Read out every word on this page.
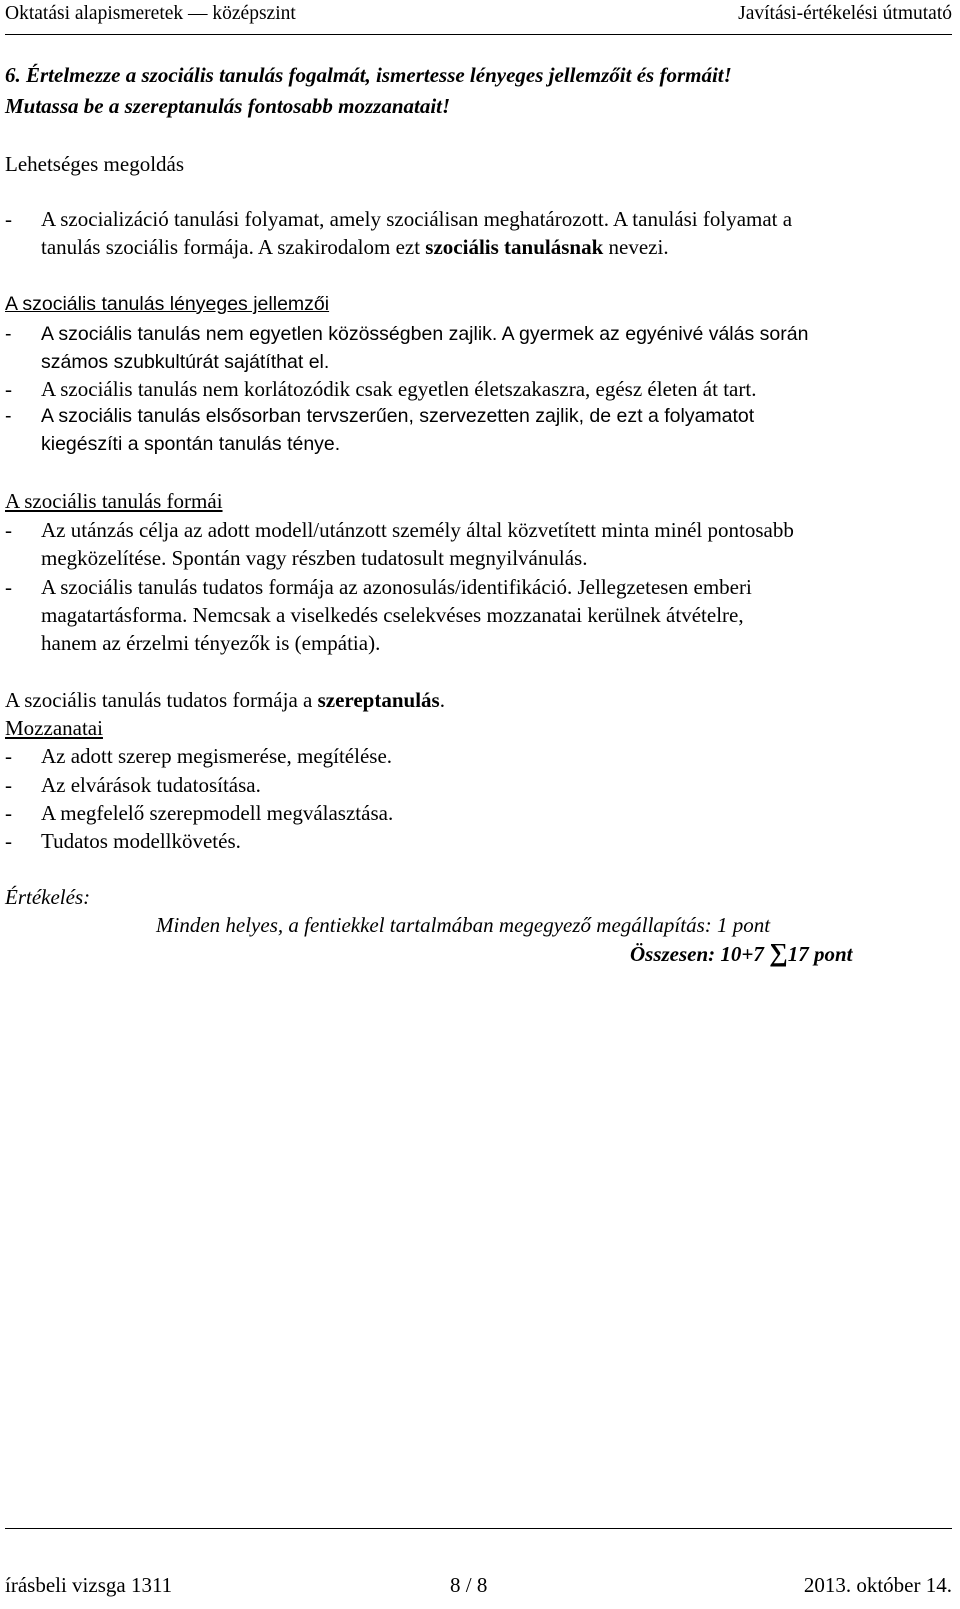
Oktatási alapismeretek — középszint	Javítási-értékelési útmutató
6. Értelmezze a szociális tanulás fogalmát, ismertesse lényeges jellemzőit és formáit!
Mutassa be a szereptanulás fontosabb mozzanatait!
Lehetséges megoldás
- A szocializáció tanulási folyamat, amely szociálisan meghatározott. A tanulási folyamat a
tanulás szociális formája. A szakirodalom ezt szociális tanulásnak nevezi.
A szociális tanulás lényeges jellemzői
- A szociális tanulás nem egyetlen közösségben zajlik. A gyermek az egyénivé válás során
számos szubkultúrát sajátíthat el.
- A szociális tanulás nem korlátozódik csak egyetlen életszakaszra, egész életen át tart.
- A szociális tanulás elsősorban tervszerűen, szervezetten zajlik, de ezt a folyamatot
kiegészíti a spontán tanulás ténye.
A szociális tanulás formái
- Az utánzás célja az adott modell/utánzott személy által közvetített minta minél pontosabb
megközelítése. Spontán vagy részben tudatosult megnyilvánulás.
- A szociális tanulás tudatos formája az azonosulás/identifikáció. Jellegzetesen emberi
magatartásforma. Nemcsak a viselkedés cselekvéses mozzanatai kerülnek átvételre,
hanem az érzelmi tényezők is (empátia).
A szociális tanulás tudatos formája a szereptanulás.
Mozzanatai
- Az adott szerep megismerése, megítélése.
- Az elvárások tudatosítása.
- A megfelelő szerepmodell megválasztása.
- Tudatos modellkövetés.
Értékelés:
Minden helyes, a fentiekkel tartalmában megegyező megállapítás: 1 pont
Összesen: 10+7 ∑17 pont
írásbeli vizsga 1311	8 / 8	2013. október 14.
